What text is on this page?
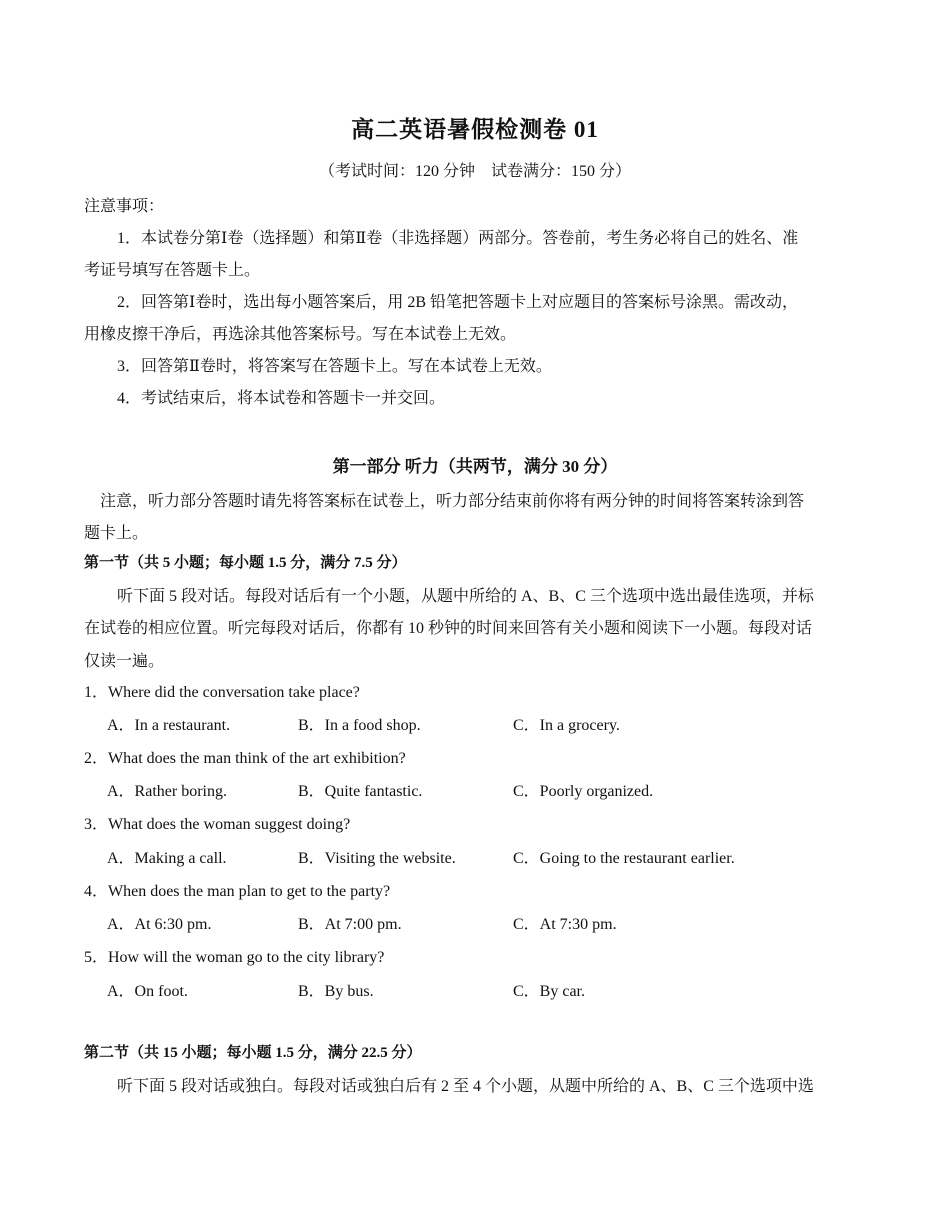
高二英语暑假检测卷 01
（考试时间：120 分钟　试卷满分：150 分）
注意事项：
1．本试卷分第Ⅰ卷（选择题）和第Ⅱ卷（非选择题）两部分。答卷前，考生务必将自己的姓名、准
考证号填写在答题卡上。
2．回答第Ⅰ卷时，选出每小题答案后，用 2B 铅笔把答题卡上对应题目的答案标号涂黑。需改动，
用橡皮擦干净后，再选涂其他答案标号。写在本试卷上无效。
3．回答第Ⅱ卷时，将答案写在答题卡上。写在本试卷上无效。
4．考试结束后，将本试卷和答题卡一并交回。
第一部分 听力（共两节，满分 30 分）
注意，听力部分答题时请先将答案标在试卷上，听力部分结束前你将有两分钟的时间将答案转涂到答
题卡上。
第一节（共 5 小题；每小题 1.5 分，满分 7.5 分）
听下面 5 段对话。每段对话后有一个小题，从题中所给的 A、B、C 三个选项中选出最佳选项，并标
在试卷的相应位置。听完每段对话后，你都有 10 秒钟的时间来回答有关小题和阅读下一小题。每段对话
仅读一遍。
1．Where did the conversation take place?
A．In a restaurant.	B．In a food shop.	C．In a grocery.
2．What does the man think of the art exhibition?
A．Rather boring.	B．Quite fantastic.	C．Poorly organized.
3．What does the woman suggest doing?
A．Making a call.	B．Visiting the website.	C．Going to the restaurant earlier.
4．When does the man plan to get to the party?
A．At 6:30 pm.	B．At 7:00 pm.	C．At 7:30 pm.
5．How will the woman go to the city library?
A．On foot.	B．By bus.	C．By car.
第二节（共 15 小题；每小题 1.5 分，满分 22.5 分）
听下面 5 段对话或独白。每段对话或独白后有 2 至 4 个小题，从题中所给的 A、B、C 三个选项中选
